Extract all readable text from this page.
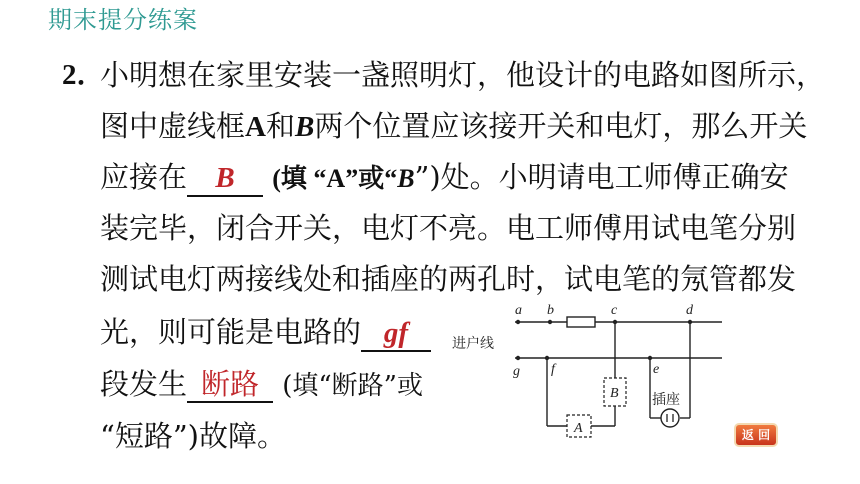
期末提分练案
2．
小明想在家里安装一盏照明灯，他设计的电路如图所示，
图中虚线框A和B两个位置应该接开关和电灯，那么开关
应接在 B (填 “A”或“B”)处。小明请电工师傅正确安
装完毕，闭合开关，电灯不亮。电工师傅用试电笔分别
测试电灯两接线处和插座的两孔时，试电笔的氖管都发
光，则可能是电路的 gf
段发生 断路 (填“断路”或
“短路”)故障。
a b	c	d
g f	e
A
B
进户线
插座
返 回
